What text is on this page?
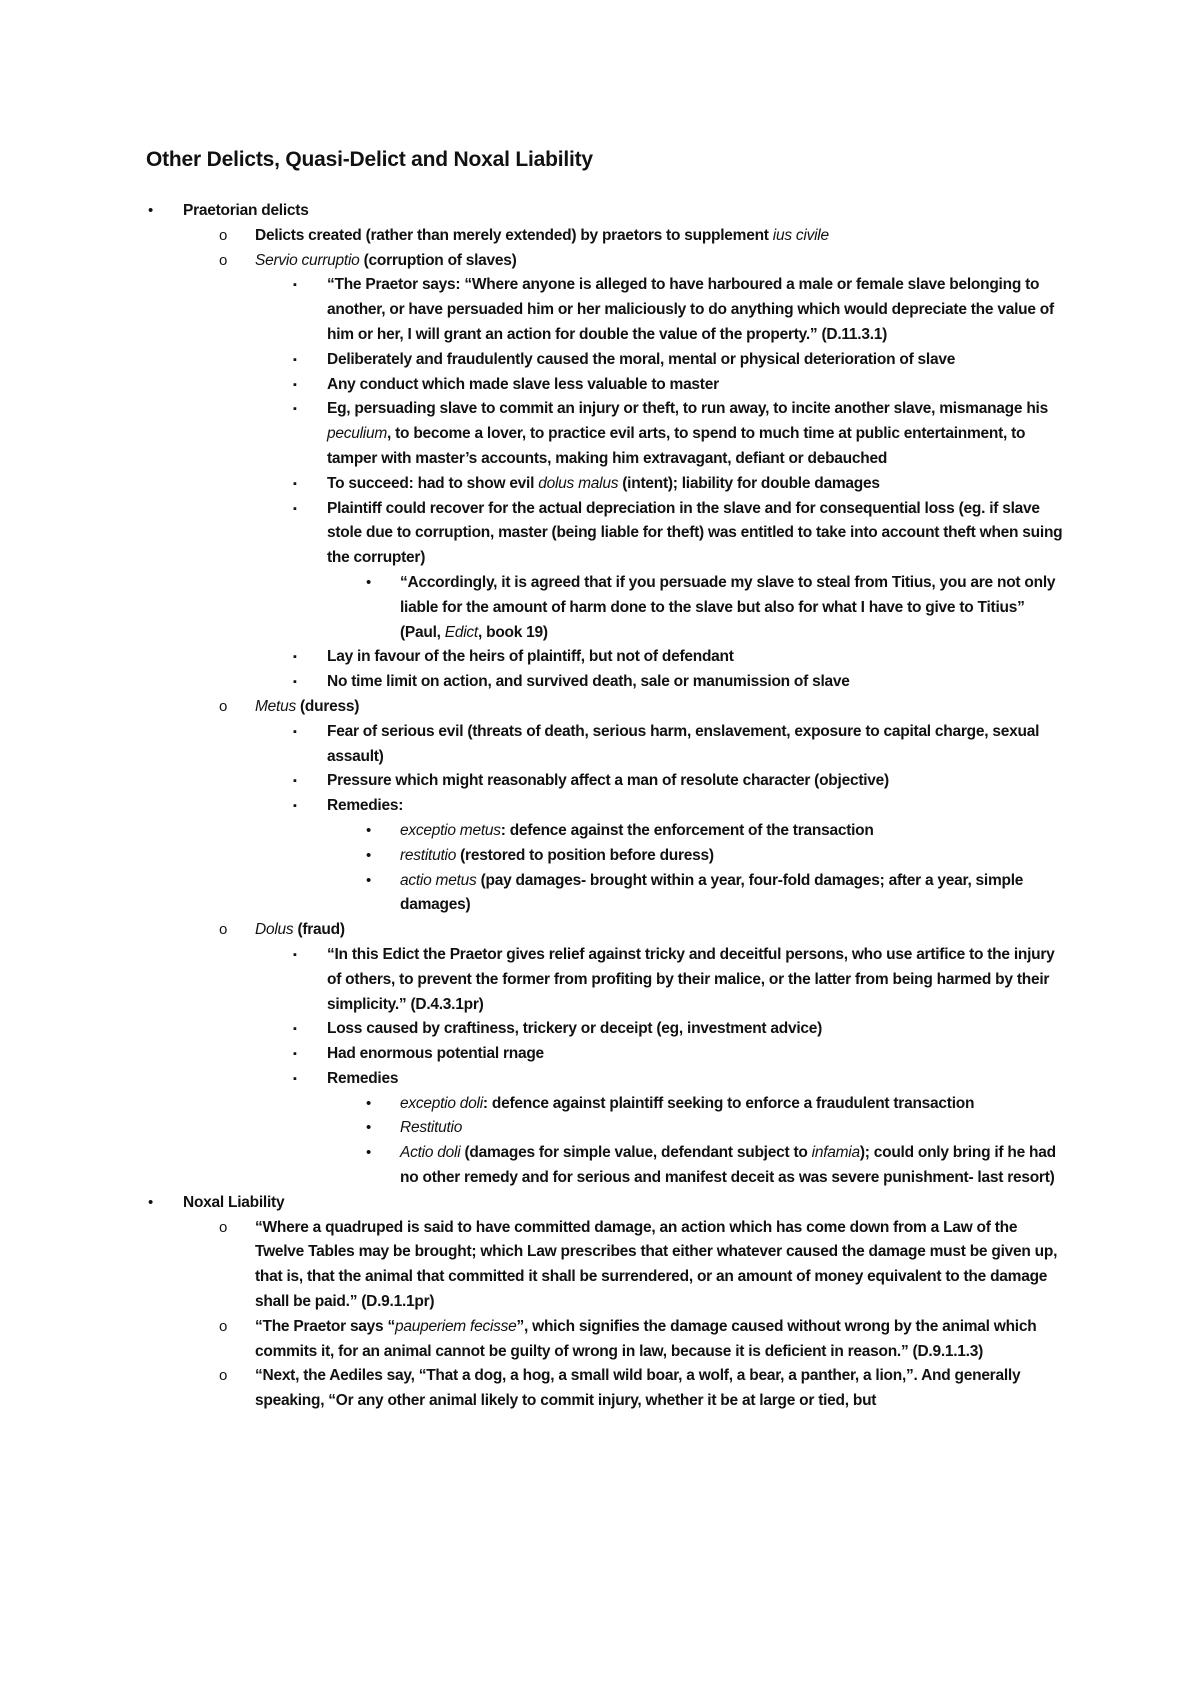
Other Delicts, Quasi-Delict and Noxal Liability
• Praetorian delicts
o Delicts created (rather than merely extended) by praetors to supplement ius civile
o Servio curruptio (corruption of slaves)
▪ “The Praetor says: “Where anyone is alleged to have harboured a male or female slave belonging to another, or have persuaded him or her maliciously to do anything which would depreciate the value of him or her, I will grant an action for double the value of the property.” (D.11.3.1)
▪ Deliberately and fraudulently caused the moral, mental or physical deterioration of slave
▪ Any conduct which made slave less valuable to master
▪ Eg, persuading slave to commit an injury or theft, to run away, to incite another slave, mismanage his peculium, to become a lover, to practice evil arts, to spend to much time at public entertainment, to tamper with master’s accounts, making him extravagant, defiant or debauched
▪ To succeed: had to show evil dolus malus (intent); liability for double damages
▪ Plaintiff could recover for the actual depreciation in the slave and for consequential loss (eg. if slave stole due to corruption, master (being liable for theft) was entitled to take into account theft when suing the corrupter)
• “Accordingly, it is agreed that if you persuade my slave to steal from Titius, you are not only liable for the amount of harm done to the slave but also for what I have to give to Titius” (Paul, Edict, book 19)
▪ Lay in favour of the heirs of plaintiff, but not of defendant
▪ No time limit on action, and survived death, sale or manumission of slave
o Metus (duress)
▪ Fear of serious evil (threats of death, serious harm, enslavement, exposure to capital charge, sexual assault)
▪ Pressure which might reasonably affect a man of resolute character (objective)
▪ Remedies:
• exceptio metus: defence against the enforcement of the transaction
• restitutio (restored to position before duress)
• actio metus (pay damages- brought within a year, four-fold damages; after a year, simple damages)
o Dolus (fraud)
▪ “In this Edict the Praetor gives relief against tricky and deceitful persons, who use artifice to the injury of others, to prevent the former from profiting by their malice, or the latter from being harmed by their simplicity.” (D.4.3.1pr)
▪ Loss caused by craftiness, trickery or deceipt (eg, investment advice)
▪ Had enormous potential rnage
▪ Remedies
• exceptio doli: defence against plaintiff seeking to enforce a fraudulent transaction
• Restitutio
• Actio doli (damages for simple value, defendant subject to infamia); could only bring if he had no other remedy and for serious and manifest deceit as was severe punishment- last resort)
• Noxal Liability
o “Where a quadruped is said to have committed damage, an action which has come down from a Law of the Twelve Tables may be brought; which Law prescribes that either whatever caused the damage must be given up, that is, that the animal that committed it shall be surrendered, or an amount of money equivalent to the damage shall be paid.” (D.9.1.1pr)
o “The Praetor says “pauperiem fecisse”, which signifies the damage caused without wrong by the animal which commits it, for an animal cannot be guilty of wrong in law, because it is deficient in reason.” (D.9.1.1.3)
o “Next, the Aediles say, “That a dog, a hog, a small wild boar, a wolf, a bear, a panther, a lion,”. And generally speaking, “Or any other animal likely to commit injury, whether it be at large or tied, but
